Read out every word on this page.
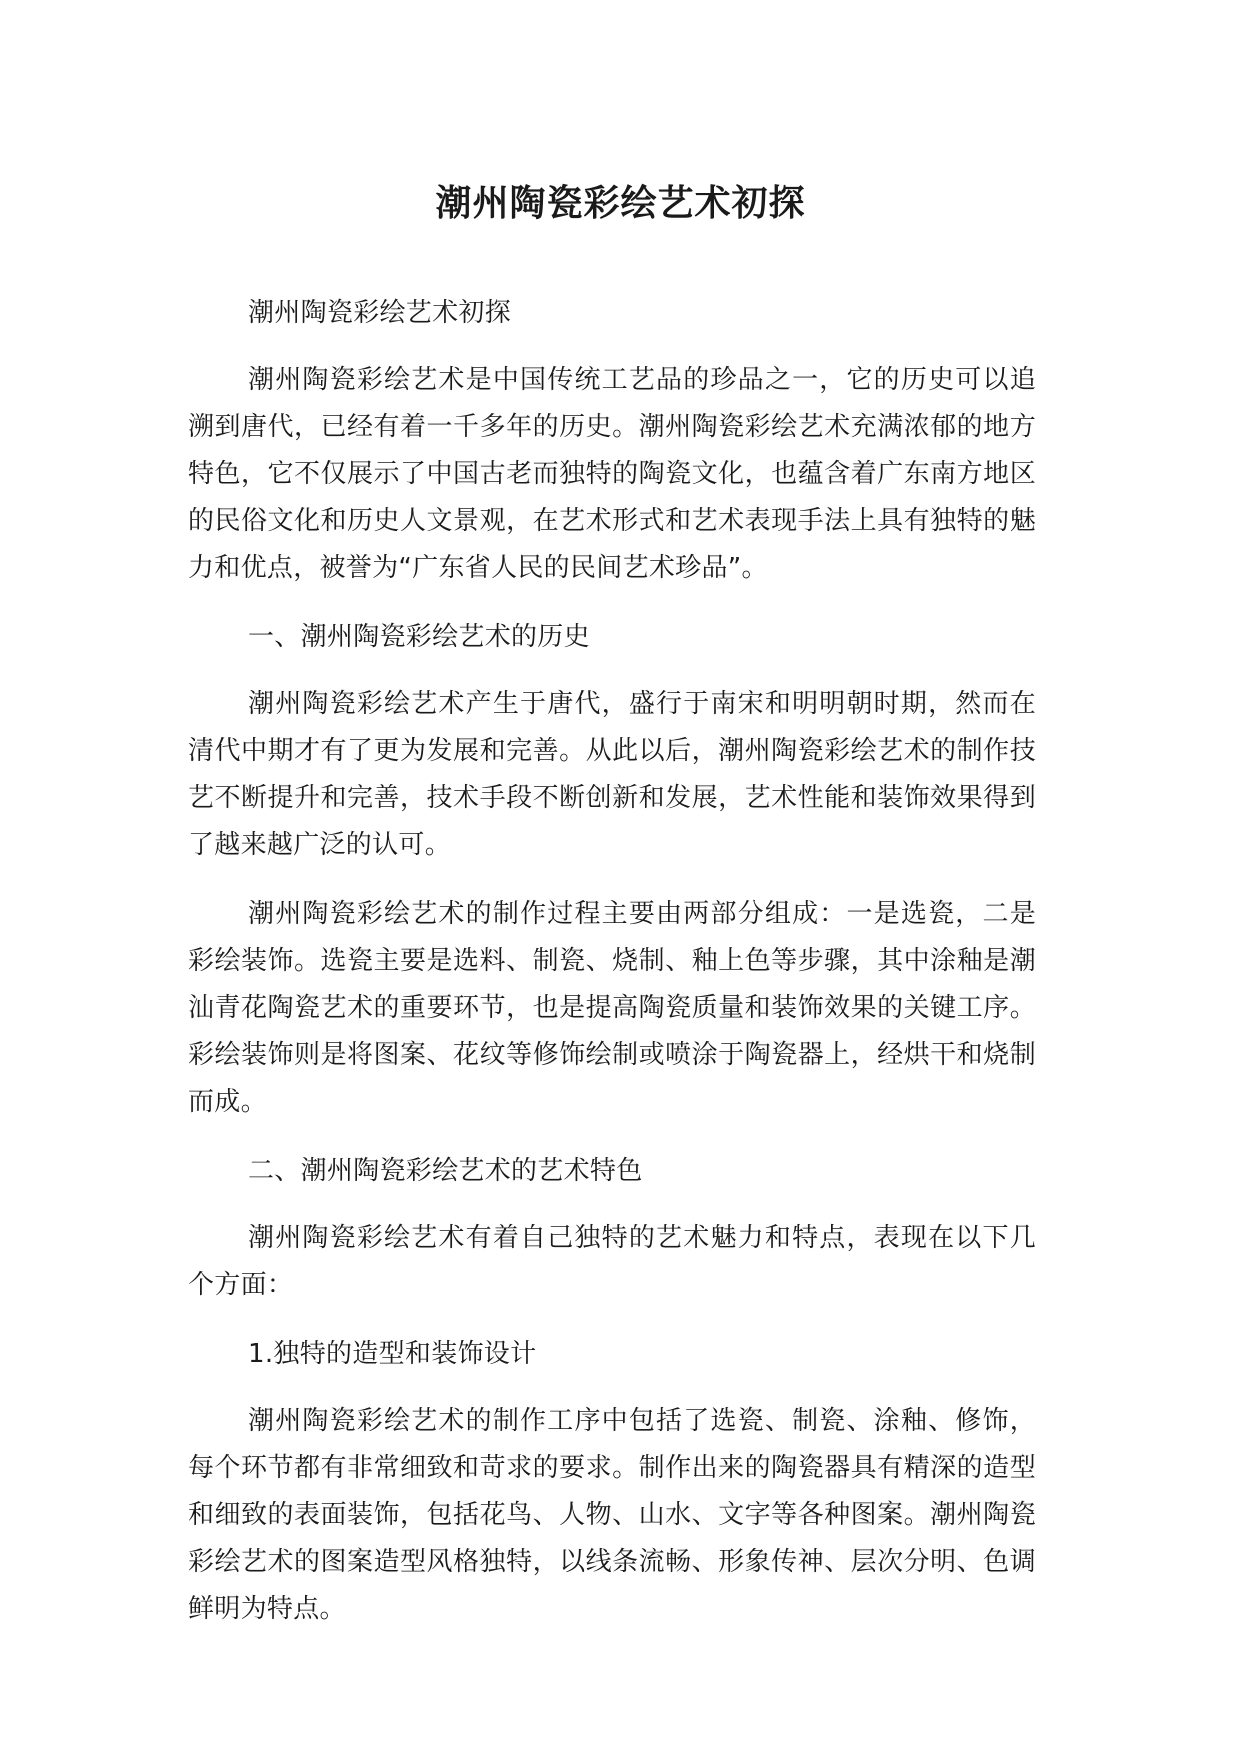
潮州陶瓷彩绘艺术初探

潮州陶瓷彩绘艺术初探

潮州陶瓷彩绘艺术是中国传统工艺品的珍品之一，它的历史可以追溯到唐代，已经有着一千多年的历史。潮州陶瓷彩绘艺术充满浓郁的地方特色，它不仅展示了中国古老而独特的陶瓷文化，也蕴含着广东南方地区的民俗文化和历史人文景观，在艺术形式和艺术表现手法上具有独特的魅力和优点，被誉为“广东省人民的民间艺术珍品”。

一、潮州陶瓷彩绘艺术的历史

潮州陶瓷彩绘艺术产生于唐代，盛行于南宋和明明朝时期，然而在清代中期才有了更为发展和完善。从此以后，潮州陶瓷彩绘艺术的制作技艺不断提升和完善，技术手段不断创新和发展，艺术性能和装饰效果得到了越来越广泛的认可。

潮州陶瓷彩绘艺术的制作过程主要由两部分组成：一是选瓷，二是彩绘装饰。选瓷主要是选料、制瓷、烧制、釉上色等步骤，其中涂釉是潮汕青花陶瓷艺术的重要环节，也是提高陶瓷质量和装饰效果的关键工序。彩绘装饰则是将图案、花纹等修饰绘制或喷涂于陶瓷器上，经烘干和烧制而成。

二、潮州陶瓷彩绘艺术的艺术特色

潮州陶瓷彩绘艺术有着自己独特的艺术魅力和特点，表现在以下几个方面：

1.独特的造型和装饰设计

潮州陶瓷彩绘艺术的制作工序中包括了选瓷、制瓷、涂釉、修饰，每个环节都有非常细致和苛求的要求。制作出来的陶瓷器具有精深的造型和细致的表面装饰，包括花鸟、人物、山水、文字等各种图案。潮州陶瓷彩绘艺术的图案造型风格独特，以线条流畅、形象传神、层次分明、色调鲜明为特点。
